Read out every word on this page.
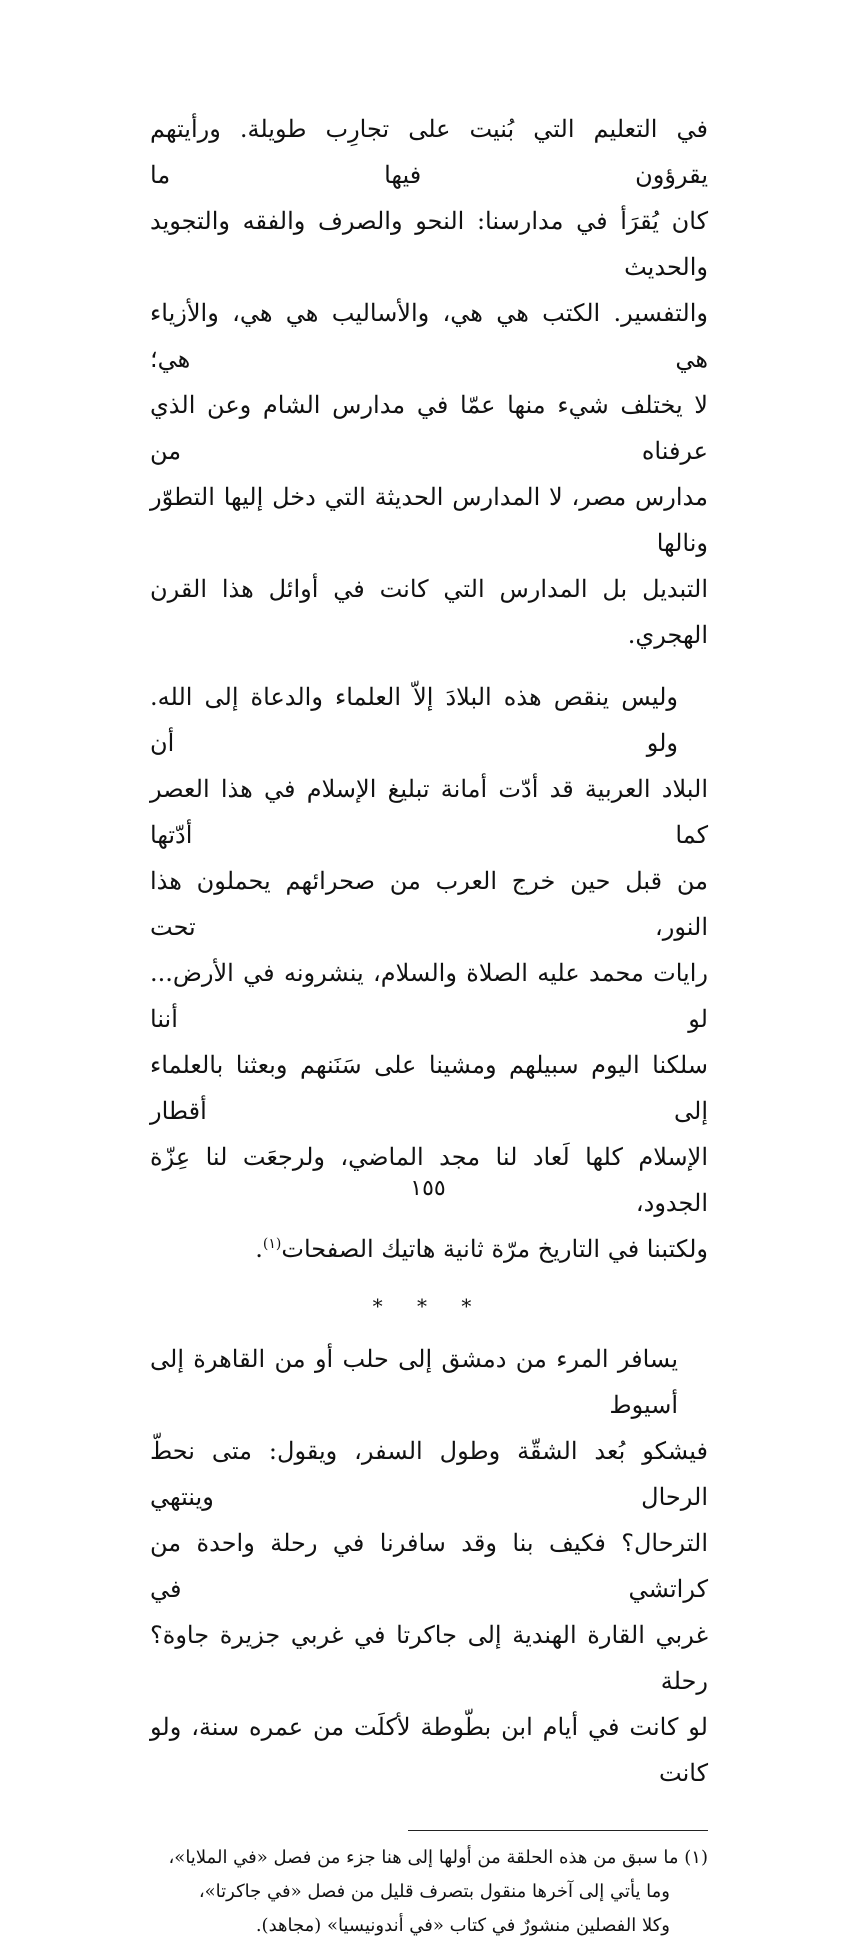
في التعليم التي بُنيت على تجارِب طويلة. ورأيتهم يقرؤون فيها ما
كان يُقرَأ في مدارسنا: النحو والصرف والفقه والتجويد والحديث
والتفسير. الكتب هي هي، والأساليب هي هي، والأزياء هي هي؛
لا يختلف شيء منها عمّا في مدارس الشام وعن الذي عرفناه من
مدارس مصر، لا المدارس الحديثة التي دخل إليها التطوّر ونالها
التبديل بل المدارس التي كانت في أوائل هذا القرن الهجري.
وليس ينقص هذه البلادَ إلاّ العلماء والدعاة إلى الله. ولو أن
البلاد العربية قد أدّت أمانة تبليغ الإسلام في هذا العصر كما أدّتها
من قبل حين خرج العرب من صحرائهم يحملون هذا النور، تحت
رايات محمد عليه الصلاة والسلام، ينشرونه في الأرض... لو أننا
سلكنا اليوم سبيلهم ومشينا على سَنَنهم وبعثنا بالعلماء إلى أقطار
الإسلام كلها لَعاد لنا مجد الماضي، ولرجعَت لنا عِزّة الجدود،
ولكتبنا في التاريخ مرّة ثانية هاتيك الصفحات$^{(١)}$.
* * *
يسافر المرء من دمشق إلى حلب أو من القاهرة إلى أسيوط
فيشكو بُعد الشقّة وطول السفر، ويقول: متى نحطّ الرحال وينتهي
الترحال؟ فكيف بنا وقد سافرنا في رحلة واحدة من كراتشي في
غربي القارة الهندية إلى جاكرتا في غربي جزيرة جاوة؟ رحلة
لو كانت في أيام ابن بطّوطة لأكلَت من عمره سنة، ولو كانت
(١) ما سبق من هذه الحلقة من أولها إلى هنا جزء من فصل «في الملايا»،
وما يأتي إلى آخرها منقول بتصرف قليل من فصل «في جاكرتا»،
وكلا الفصلين منشورٌ في كتاب «في أندونيسيا» (مجاهد).
١٥٥
